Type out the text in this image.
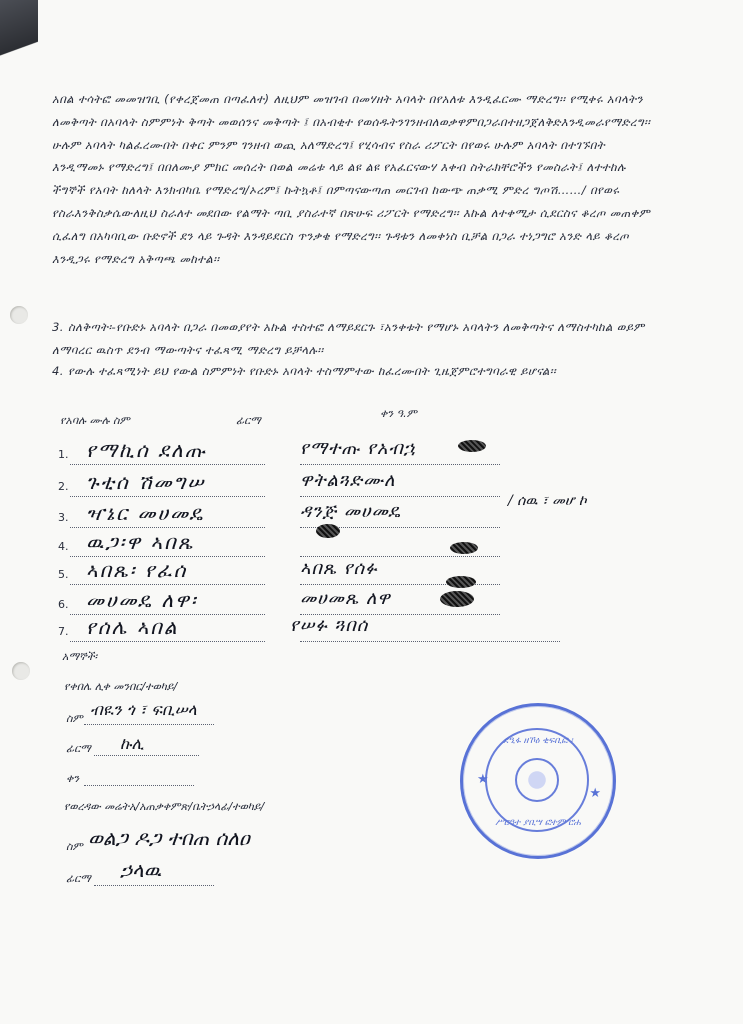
አበል ተሳትፎ መመዝገቢ (የቀረጀመጠ በጣፈለተ) ለዚህም መዝገብ በመሃዘት አባላት በየአለቱ እንዲፈርሙ ማድረግ፡፡ የሚቀሩ አባላትን ለመቅጣት በአባላት ስምምነት ቅጣት መወሰንና መቅጣት ፤ በአብቂተ የወሰዱትንገንዘብለወቃዋምበጋራበተዘጋጀለቅድእንዲመራየማድረግ፡፡ ሁሉም አባላት ካልፈረሙበት በቀር ምንም ገንዘብ ወጪ አለማድረግ፤ የሂሳብና የስራ ሪፖርት በየወሩ ሁሉም አባላት በተገኙበት እንዲማመኑ የማድረግ፤ በበለሙያ ምክር መሰረት በወል መሬቱ ላይ ልዩ ልዩ የአፈርናውሃ እቀብ ስትራክቸሮችን የመስራት፤ ለተተከሉ ችግኞች የአባት ከለላት እንክብካቤ የማድረግ/ኦረም፤ ኩትኳቶ፤ በምጣናውጣጠ መርገብ ከውጭ ጠቃሚ ምድረ ግጦሽ……/ በየወሩ የስራእንቅስቃሴውለዚህ ስራለተ መደበው የልማት ጣቢ ያስራተኛ በጽሁፍ ሪፖርት የማድረግ፡፡ እኩል ለተቀሚታ ሲደርስና ቆረጦ መጠቀም ሲፈለግ በአካባቢው ቡድኖች ደን ላይ ጉዳት እንዳይደርስ ጥንቃቄ የማድረግ፡፡ ጉዳቱን ለመቀነስ ቢቻል በጋራ ተነጋግሮ አንድ ላይ ቆረጦ እንዲጋሩ የማድረግ አቅጣጫ መከተል፡፡

3. ስለቅጣት፡-የቡድኑ አባላት በጋራ በመወያየት አኩል ተስተፎ ለማይደርጉ ፣አንቀቱት የማሆኑ አባላትን ለመቅጣትና ለማስተካከል ወይም ለማባረር ዉስጥ ደንብ ማውጣትና ተፈጻሚ ማድረግ ይቻላሉ፡፡

4. የውሉ ተፈጻሚነት ይህ የውል ስምምነት የቡድኑ አባላት ተስማምተው ከፈረሙበት ጊዜጀምሮተግባራዊ ይሆናል፡፡

የአባሉ ሙሉ ስም	ፊርማ
ቀን ዓ.ም
1. የማኪሰ ደለጡ	የማተጡ የአብኋ
2. ጉቲሰ ሽመግሠ	ዋትልጓድሙለ
3. ዣኔር መሀመዴ	ዳንጅ መሀመዴ	/ ሰዉ ፣ መሆ ኮ
4. ዉጋ፡ዋ ኣበጼ
5. ኣበጼ፡ የፈሰ	ኣበጼ የሰፉ
6. መሀመዴ ለዋ፡	መሀመጼ ለዋ
7. የሰሌ ኣበል	የሠፉ ጓበሰ
አማኞች፡
የቀበሌ ሊቀ መንበር/ተወካይ/
ስም ብዪን ጎ ፣ ፍቢሠላ
ፊርማ ኩሊ
ቀን
የወረዳው መሬትአ/አጠቃቀምጽ/ቤትኃላፊ/ተወካይ/
ስም ወልጋ ዶጋ ተበጠ ሰለዐ
ፊርማ ኃላዉ
★
★
ደዒፋ ዘኾዕ ቂፍቢፎ ፡
ሥርዓተ ያቢሣ ፎተም ሮሐ
